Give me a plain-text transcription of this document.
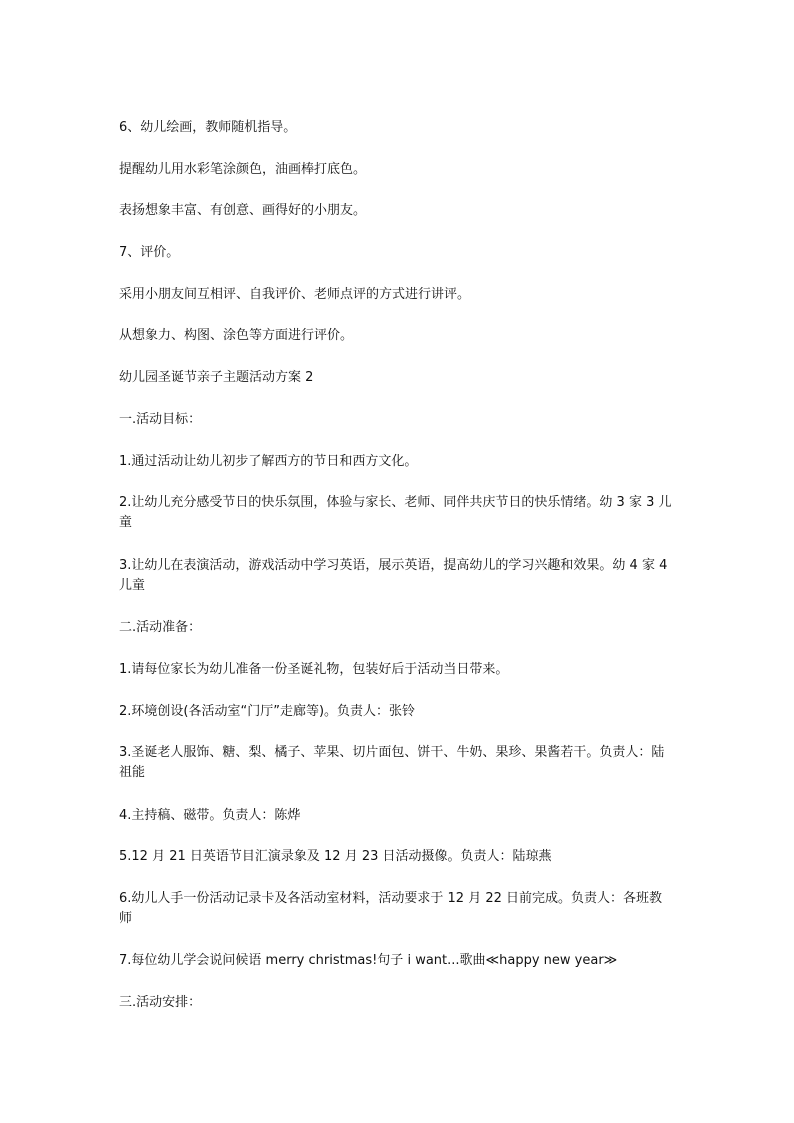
6、幼儿绘画，教师随机指导。

提醒幼儿用水彩笔涂颜色，油画棒打底色。

表扬想象丰富、有创意、画得好的小朋友。

7、评价。

采用小朋友间互相评、自我评价、老师点评的方式进行讲评。

从想象力、构图、涂色等方面进行评价。

幼儿园圣诞节亲子主题活动方案 2

一.活动目标：

1.通过活动让幼儿初步了解西方的节日和西方文化。

2.让幼儿充分感受节日的快乐氛围，体验与家长、老师、同伴共庆节日的快乐情绪。幼 3 家 3 儿童

3.让幼儿在表演活动，游戏活动中学习英语，展示英语，提高幼儿的学习兴趣和效果。幼 4 家 4 儿童

二.活动准备：

1.请每位家长为幼儿准备一份圣诞礼物，包装好后于活动当日带来。

2.环境创设(各活动室“门厅”走廊等)。负责人：张铃

3.圣诞老人服饰、糖、梨、橘子、苹果、切片面包、饼干、牛奶、果珍、果酱若干。负责人：陆祖能

4.主持稿、磁带。负责人：陈烨

5.12 月 21 日英语节目汇演录象及 12 月 23 日活动摄像。负责人：陆琼燕

6.幼儿人手一份活动记录卡及各活动室材料，活动要求于 12 月 22 日前完成。负责人：各班教师

7.每位幼儿学会说问候语 merry christmas!句子 i want...歌曲≪happy new year≫

三.活动安排：
